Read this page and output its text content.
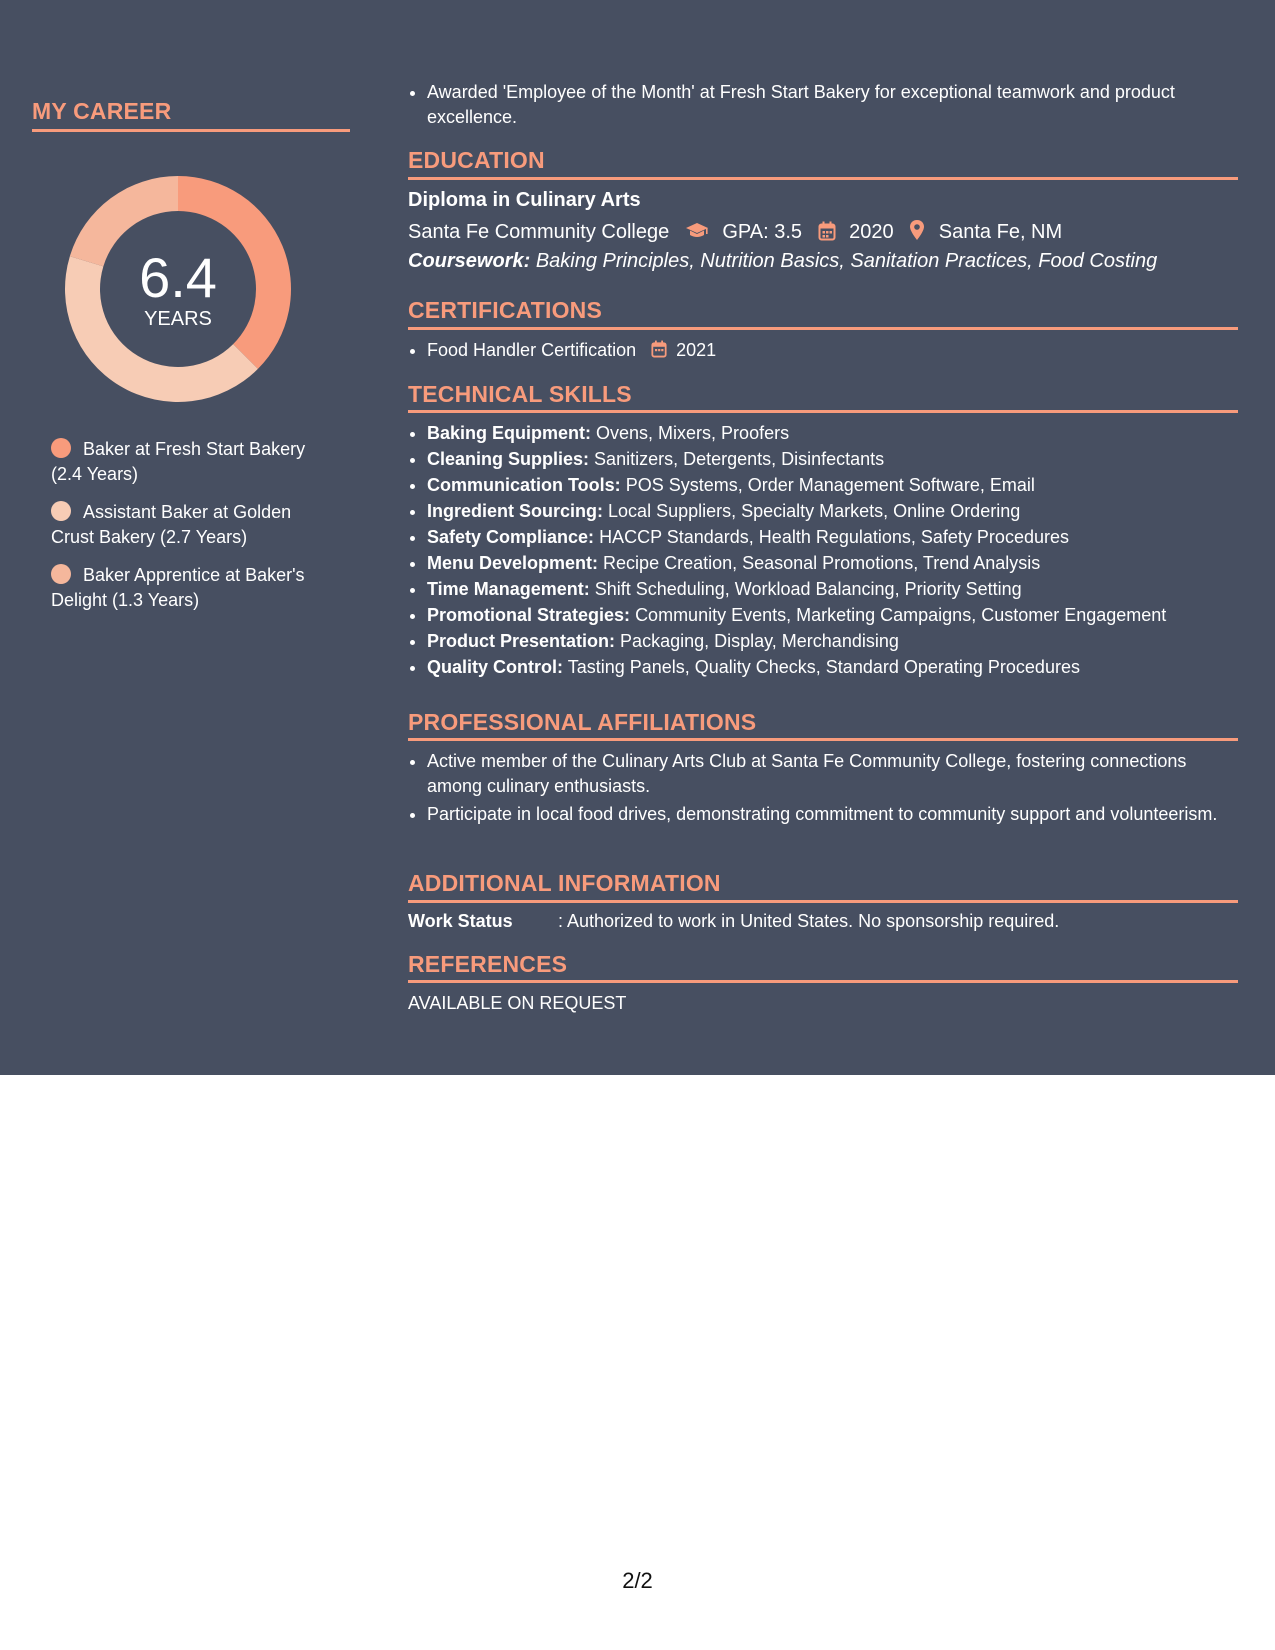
MY CAREER
6.4
YEARS
Baker at Fresh Start Bakery (2.4 Years)
Assistant Baker at Golden Crust Bakery (2.7 Years)
Baker Apprentice at Baker's Delight (1.3 Years)
• Awarded 'Employee of the Month' at Fresh Start Bakery for exceptional teamwork and product excellence.
EDUCATION
Diploma in Culinary Arts
Santa Fe Community College	GPA: 3.5 2020 Santa Fe, NM
Coursework: Baking Principles, Nutrition Basics, Sanitation Practices, Food Costing
CERTIFICATIONS
• Food Handler Certification 2021
TECHNICAL SKILLS
• Baking Equipment: Ovens, Mixers, Proofers
• Cleaning Supplies: Sanitizers, Detergents, Disinfectants
• Communication Tools: POS Systems, Order Management Software, Email
• Ingredient Sourcing: Local Suppliers, Specialty Markets, Online Ordering
• Safety Compliance: HACCP Standards, Health Regulations, Safety Procedures
• Menu Development: Recipe Creation, Seasonal Promotions, Trend Analysis
• Time Management: Shift Scheduling, Workload Balancing, Priority Setting
• Promotional Strategies: Community Events, Marketing Campaigns, Customer Engagement
• Product Presentation: Packaging, Display, Merchandising
• Quality Control: Tasting Panels, Quality Checks, Standard Operating Procedures
PROFESSIONAL AFFILIATIONS
• Active member of the Culinary Arts Club at Santa Fe Community College, fostering connections among culinary enthusiasts.
• Participate in local food drives, demonstrating commitment to community support and volunteerism.
ADDITIONAL INFORMATION
Work Status	: Authorized to work in United States. No sponsorship required.
REFERENCES
AVAILABLE ON REQUEST
2/2
